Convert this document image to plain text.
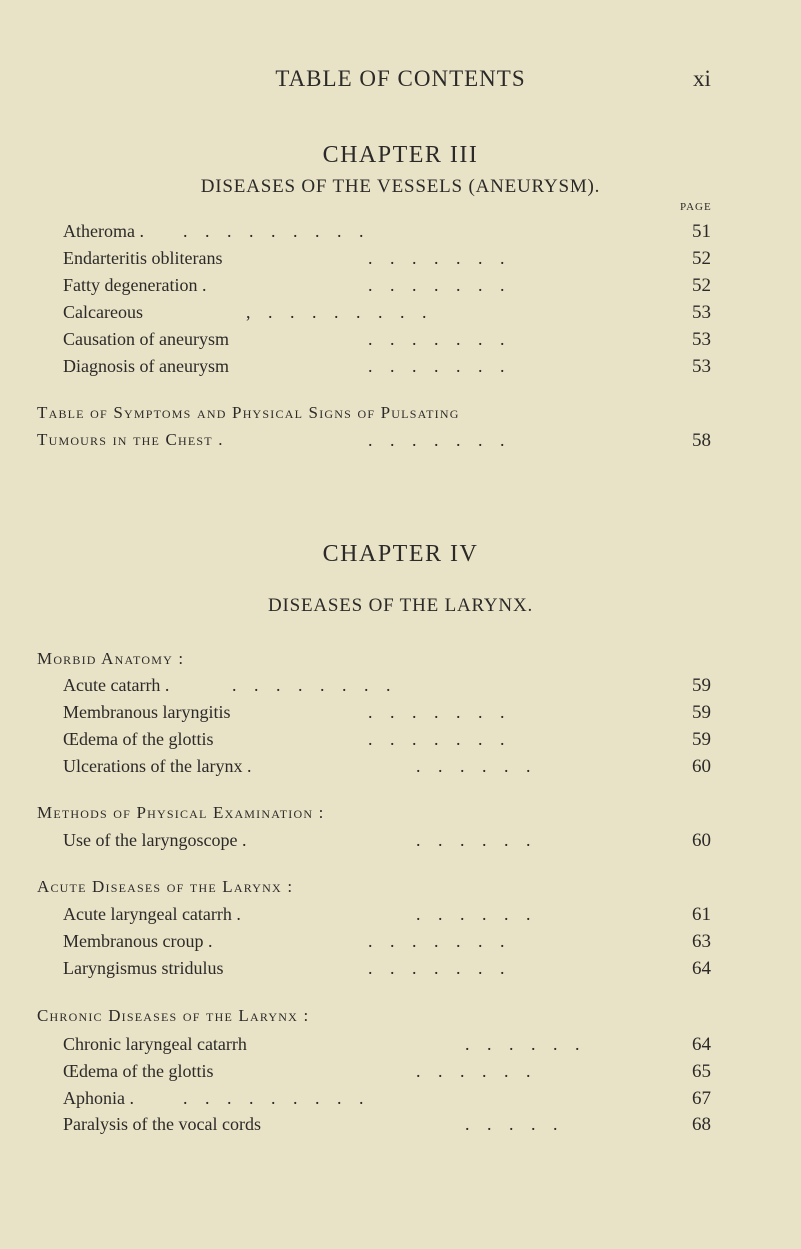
TABLE OF CONTENTS	xi
CHAPTER III
DISEASES OF THE VESSELS (ANEURYSM).
PAGE
Atheroma . . . . . . . . . .	51
Endarteritis obliterans	. . . . . . .	52
Fatty degeneration .	. . . . . . .	52
Calcareous	, . . . . . . . .	53
Causation of aneurysm	. . . . . . .	53
Diagnosis of aneurysm	. . . . . . .	53
Table of Symptoms and Physical Signs of Pulsating
Tumours in the Chest .	. . . . . . .	58
CHAPTER IV
DISEASES OF THE LARYNX.
Morbid Anatomy :
Acute catarrh .	. . . . . . . .	59
Membranous laryngitis	. . . . . . .	59
Œdema of the glottis	. . . . . . .	59
Ulcerations of the larynx .	. . . . . .	60
Methods of Physical Examination :
Use of the laryngoscope .	. . . . . .	60
Acute Diseases of the Larynx :
Acute laryngeal catarrh .	. . . . . .	61
Membranous croup .	. . . . . . .	63
Laryngismus stridulus	. . . . . . .	64
Chronic Diseases of the Larynx :
Chronic laryngeal catarrh	. . . . . .	64
Œdema of the glottis	. . . . . .	65
Aphonia .	. . . . . . . . .	67
Paralysis of the vocal cords	. . . . .	68
